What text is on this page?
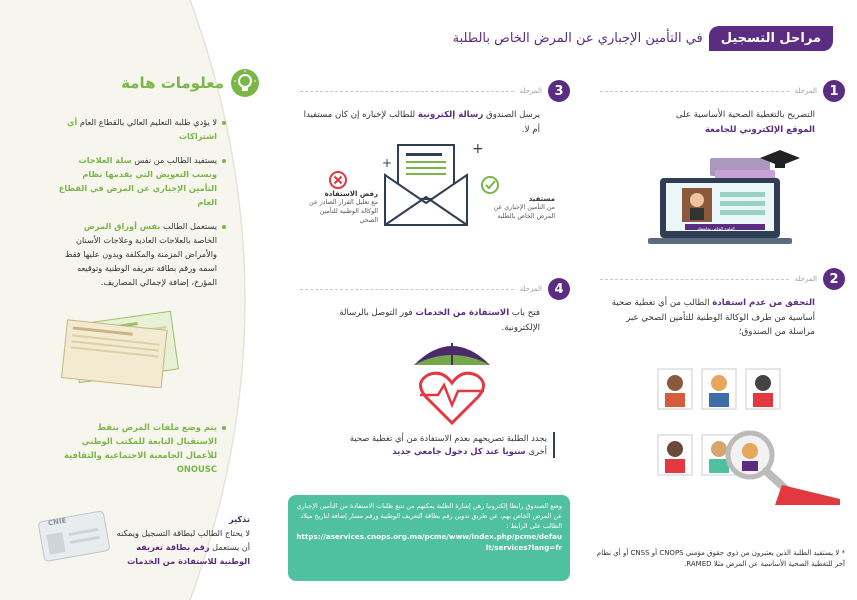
مراحل التسجيل
في التأمين الإجباري عن المرض الخاص بالطلبة
المرحلة 1
التصريح بالتغطية الصحية الأساسية على
الموقع الإلكتروني للجامعة
الولوج الخاص بجامعتك
المرحلة 2
التحقق من عدم استفادة الطالب من أي تغطية صحية أساسية من طرف الوكالة الوطنية للتأمين الصحي عبر مراسلة من الصندوق؛
المرحلة 3
يرسل الصندوق رسالة إلكترونية للطالب لإخباره إن كان مستفيدا أم لا.
+
+
مستفيد
من التأمين الإجباري عن المرض الخاص بالطلبة
رفض الاستفادة
مع تعليل القرار الصادر عن الوكالة الوطنية للتأمين الصحي
المرحلة 4
فتح باب الاستفادة من الخدمات فور التوصل بالرسالة الإلكترونية.
يجدد الطلبة تصريحهم بعدم الاستفادة من أي تغطية صحية أخرى سنويا عند كل دخول جامعي جديد
وضع الصندوق رابطا إلكترونيا رهن إشارة الطلبة يمكنهم من تتبع طلبات الاستفادة من التأمين الإجباري عن المرض الخاص بهم، عن طريق تدوين رقم بطاقة التعريف الوطنية ورقم مسار إضافة لتاريخ ميلاد الطالب على الرابط :
https://aservices.cnops.org.ma/pcme/www/index.php/pcme/default/services?lang=fr
* لا يستفيد الطلبة الذين يعتبرون من ذوي حقوق مؤمني CNOPS أو CNSS أو أي نظام آخر للتغطية الصحية الأساسية عن المرض مثلا RAMED.
معلومات هامة
لا يؤدي طلبة التعليم العالي بالقطاع العام أي اشتراكات
يستفيد الطالب من نفس سلة العلاجات ونسب التعويض التي يقدمها نظام التأمين الإجباري عن المرض في القطاع العام
يستعمل الطالب نفس أوراق المرض الخاصة بالعلاجات العادية وعلاجات الأسنان والأمراض المزمنة والمكلفة ويدون عليها فقط اسمه ورقم بطاقة تعريفه الوطنية وتوقيعه المؤرخ، إضافة لإجمالي المصاريف.
يتم وضع ملفات المرض بنقط الاستقبال التابعة للمكتب الوطني للأعمال الجامعية الاجتماعية والثقافية ONOUSC
CNIE	تذكير
لا يحتاج الطالب لبطاقة التسجيل ويمكنه أن يستعمل رقم بطاقة تعريفه الوطنية للاستفادة من الخدمات
